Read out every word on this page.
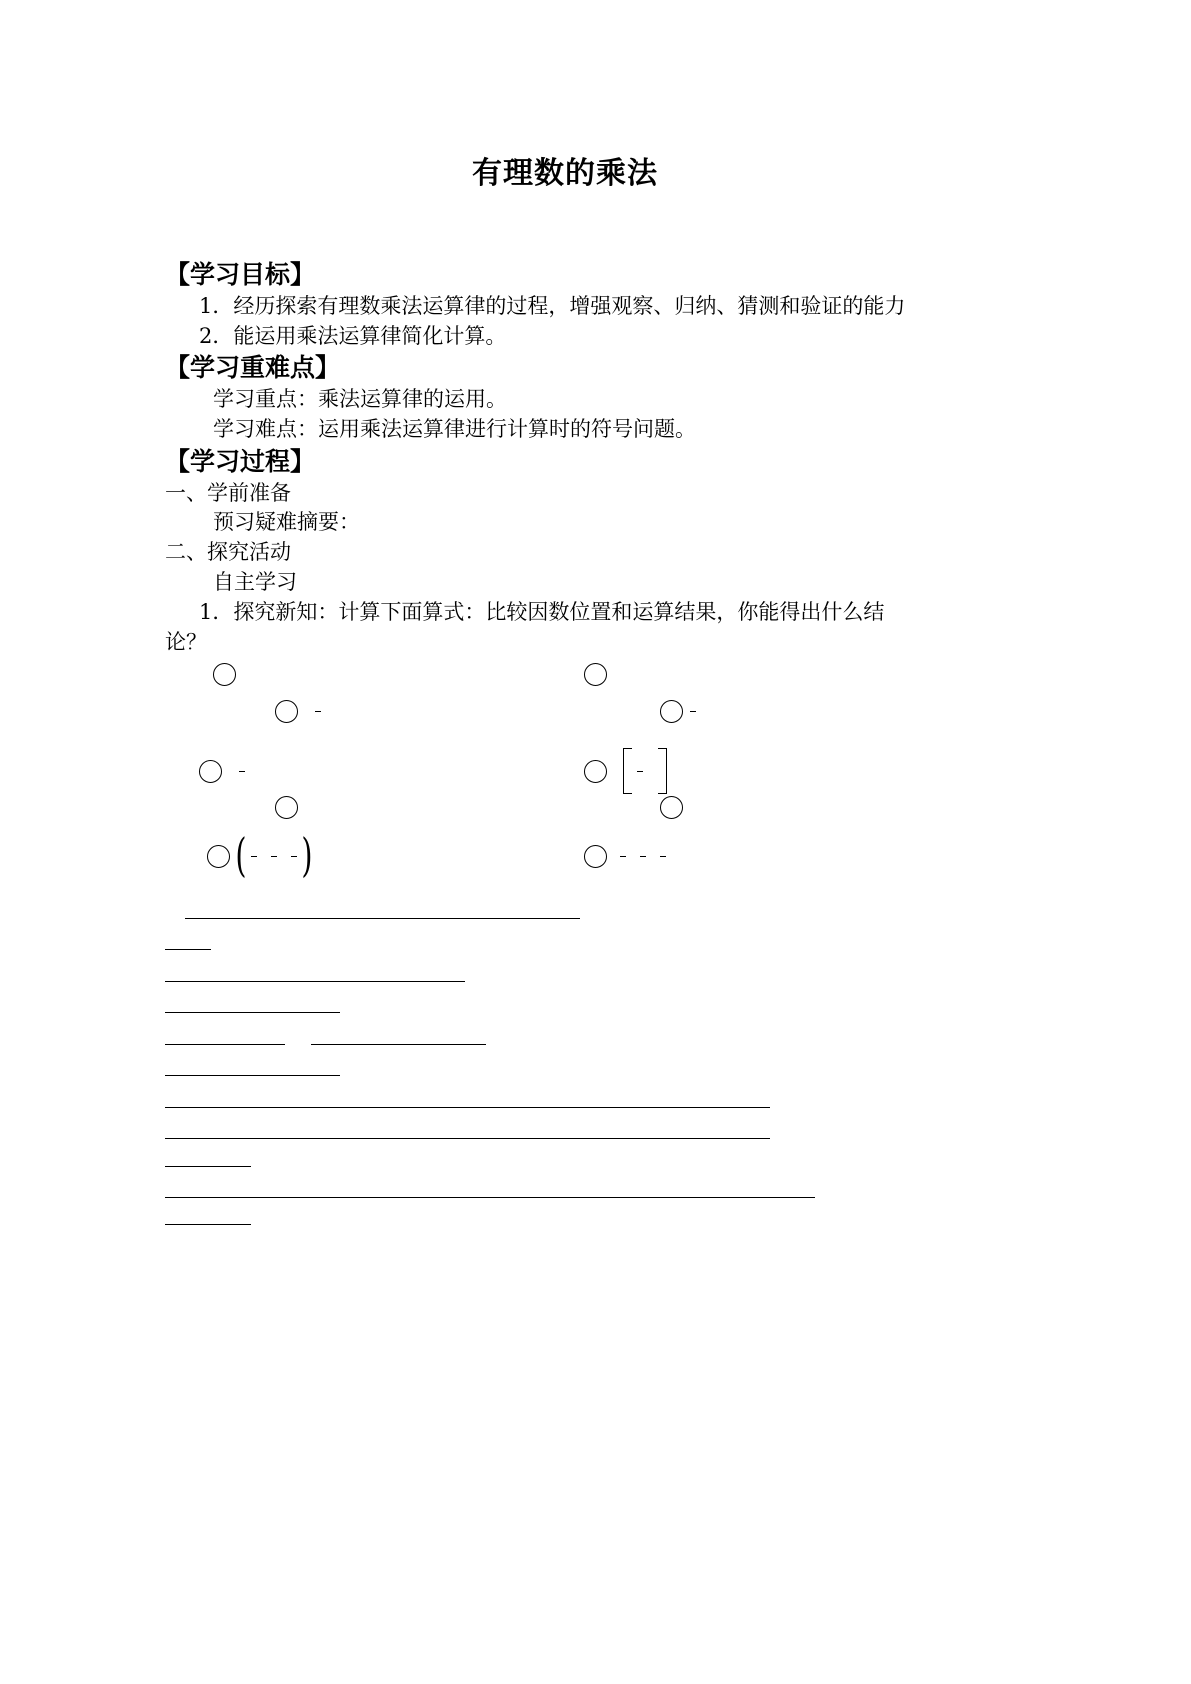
有理数的乘法
【学习目标】
1．经历探索有理数乘法运算律的过程，增强观察、归纳、猜测和验证的能力
2．能运用乘法运算律简化计算。
【学习重难点】
学习重点：乘法运算律的运用。
学习难点：运用乘法运算律进行计算时的符号问题。
【学习过程】
一、学前准备
预习疑难摘要：
二、探究活动
自主学习
1．探究新知：计算下面算式：比较因数位置和运算结果，你能得出什么结
论？
( )
